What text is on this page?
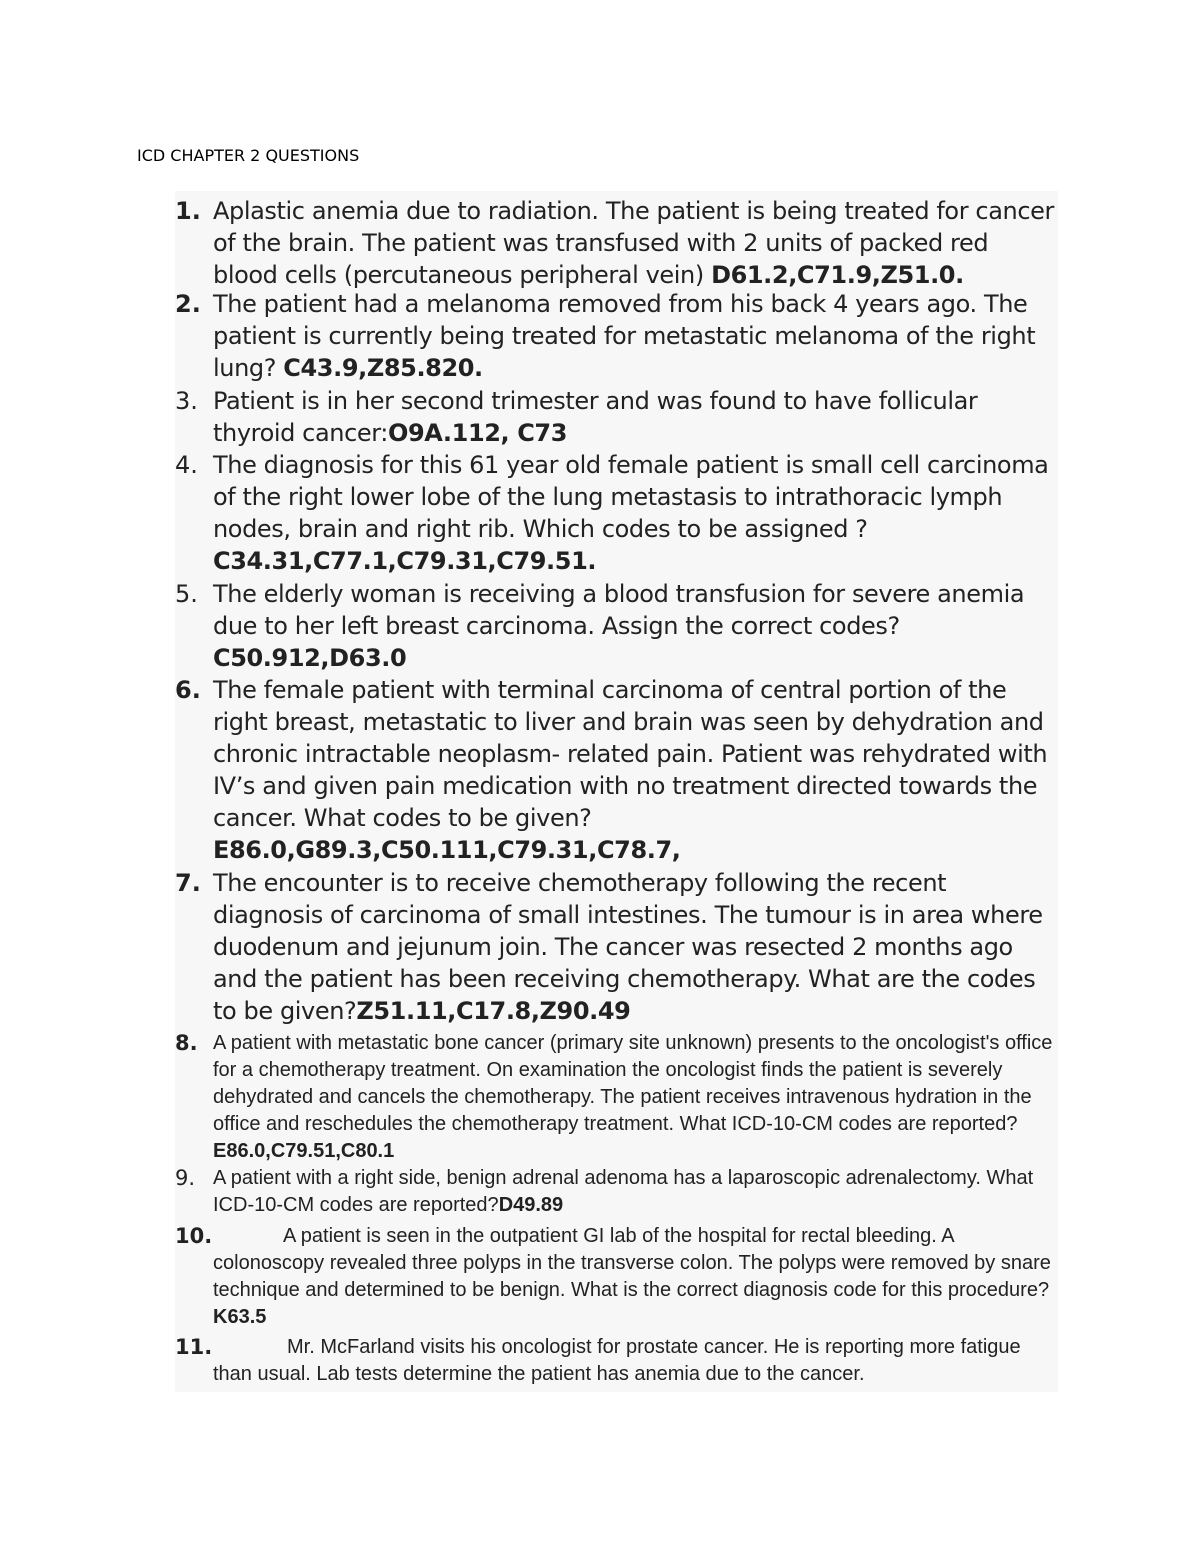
ICD CHAPTER 2 QUESTIONS
1. Aplastic anemia due to radiation. The patient is being treated for cancer of the brain. The patient was transfused with 2 units of packed red blood cells (percutaneous peripheral vein) D61.2,C71.9,Z51.0.
2. The patient had a melanoma removed from his back 4 years ago. The patient is currently being treated for metastatic melanoma of the right lung? C43.9,Z85.820.
3. Patient is in her second trimester and was found to have follicular thyroid cancer:O9A.112, C73
4. The diagnosis for this 61 year old female patient is small cell carcinoma of the right lower lobe of the lung metastasis to intrathoracic lymph nodes, brain and right rib. Which codes to be assigned ? C34.31,C77.1,C79.31,C79.51.
5. The elderly woman is receiving a blood transfusion for severe anemia due to her left breast carcinoma. Assign the correct codes?
C50.912,D63.0
6. The female patient with terminal carcinoma of central portion of the right breast, metastatic to liver and brain was seen by dehydration and chronic intractable neoplasm- related pain. Patient was rehydrated with IV’s and given pain medication with no treatment directed towards the cancer. What codes to be given?
E86.0,G89.3,C50.111,C79.31,C78.7,
7. The encounter is to receive chemotherapy following the recent diagnosis of carcinoma of small intestines. The tumour is in area where duodenum and jejunum join. The cancer was resected 2 months ago and the patient has been receiving chemotherapy. What are the codes to be given?Z51.11,C17.8,Z90.49
8. A patient with metastatic bone cancer (primary site unknown) presents to the oncologist's office for a chemotherapy treatment. On examination the oncologist finds the patient is severely dehydrated and cancels the chemotherapy. The patient receives intravenous hydration in the office and reschedules the chemotherapy treatment. What ICD-10-CM codes are reported?E86.0,C79.51,C80.1
9. A patient with a right side, benign adrenal adenoma has a laparoscopic adrenalectomy. What ICD-10-CM codes are reported?D49.89
10.	A patient is seen in the outpatient GI lab of the hospital for rectal bleeding. A colonoscopy revealed three polyps in the transverse colon. The polyps were removed by snare technique and determined to be benign. What is the correct diagnosis code for this procedure?K63.5
11.	Mr. McFarland visits his oncologist for prostate cancer. He is reporting more fatigue than usual. Lab tests determine the patient has anemia due to the cancer.
